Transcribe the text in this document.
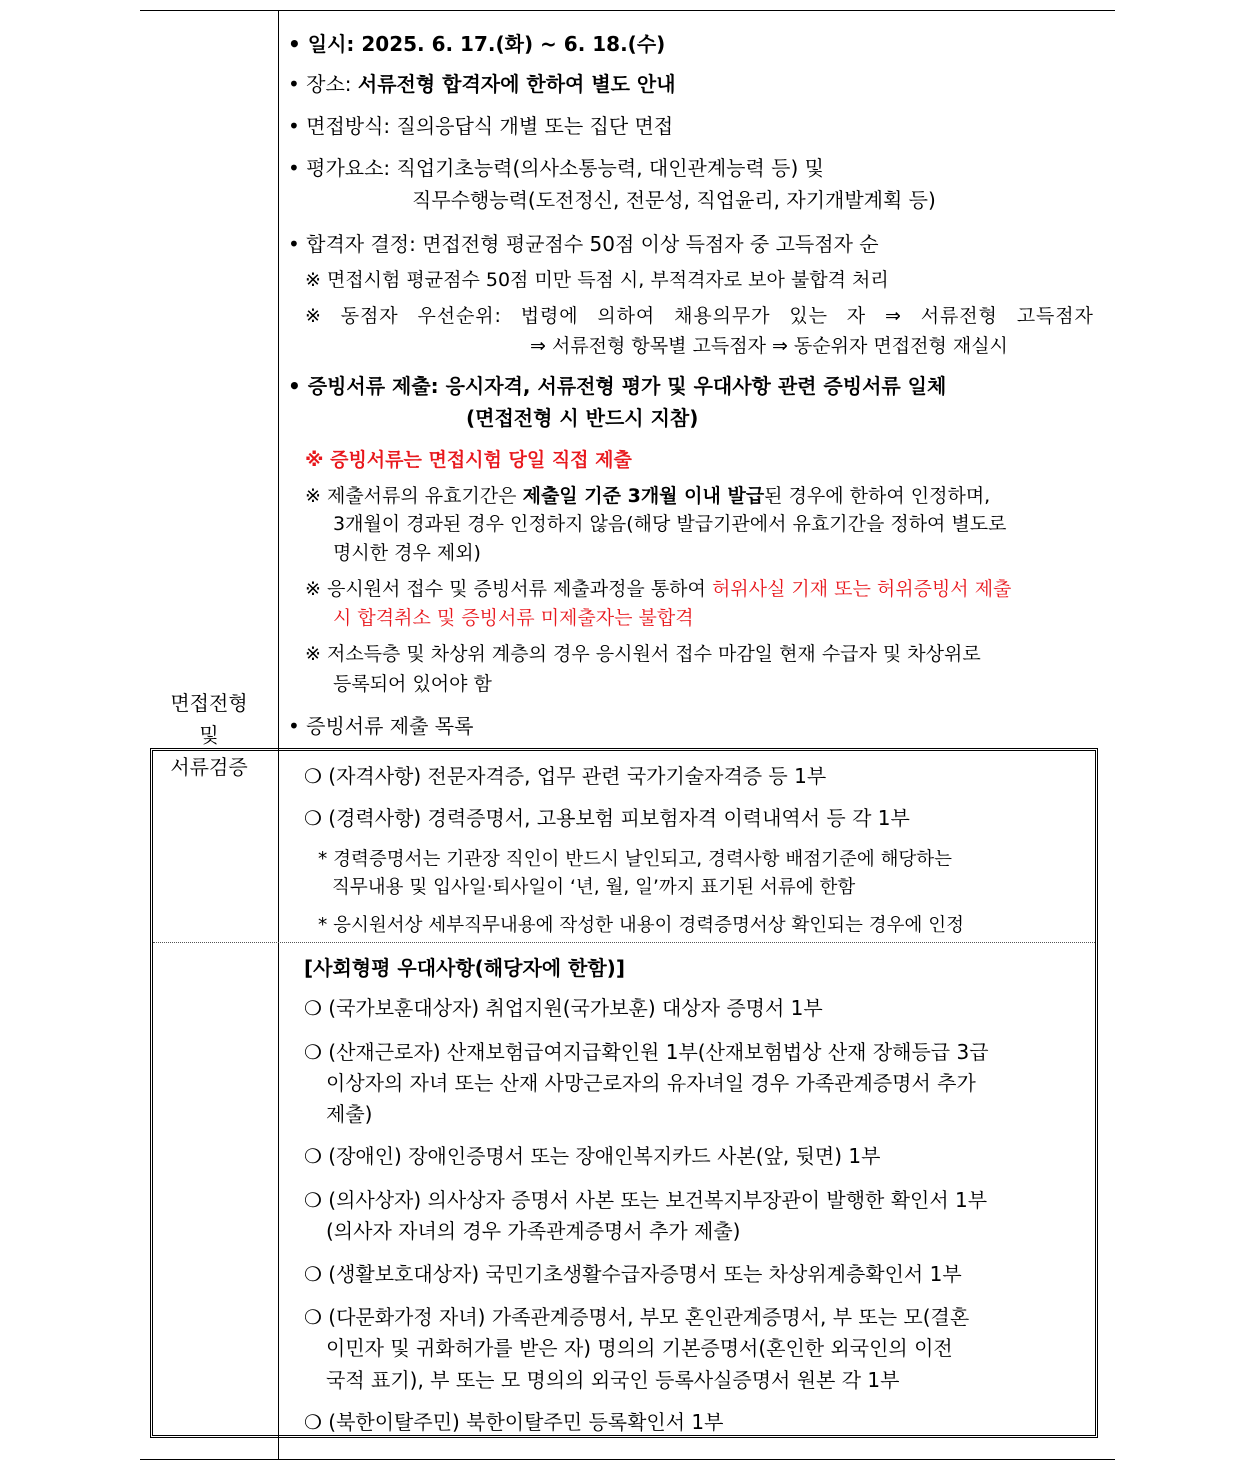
면접전형
및
서류검증
• 일시: 2025. 6. 17.(화) ~ 6. 18.(수)
• 장소: 서류전형 합격자에 한하여 별도 안내
• 면접방식: 질의응답식 개별 또는 집단 면접
• 평가요소: 직업기초능력(의사소통능력, 대인관계능력 등) 및
직무수행능력(도전정신, 전문성, 직업윤리, 자기개발계획 등)
• 합격자 결정: 면접전형 평균점수 50점 이상 득점자 중 고득점자 순
※ 면접시험 평균점수 50점 미만 득점 시, 부적격자로 보아 불합격 처리
※ 동점자 우선순위: 법령에 의하여 채용의무가 있는 자 ⇒ 서류전형 고득점자
⇒ 서류전형 항목별 고득점자 ⇒ 동순위자 면접전형 재실시
• 증빙서류 제출: 응시자격, 서류전형 평가 및 우대사항 관련 증빙서류 일체
(면접전형 시 반드시 지참)
※ 증빙서류는 면접시험 당일 직접 제출
※ 제출서류의 유효기간은 제출일 기준 3개월 이내 발급된 경우에 한하여 인정하며,
3개월이 경과된 경우 인정하지 않음(해당 발급기관에서 유효기간을 정하여 별도로
명시한 경우 제외)
※ 응시원서 접수 및 증빙서류 제출과정을 통하여 허위사실 기재 또는 허위증빙서 제출
시 합격취소 및 증빙서류 미제출자는 불합격
※ 저소득층 및 차상위 계층의 경우 응시원서 접수 마감일 현재 수급자 및 차상위로
등록되어 있어야 함
• 증빙서류 제출 목록
❍ (자격사항) 전문자격증, 업무 관련 국가기술자격증 등 1부
❍ (경력사항) 경력증명서, 고용보험 피보험자격 이력내역서 등 각 1부
* 경력증명서는 기관장 직인이 반드시 날인되고, 경력사항 배점기준에 해당하는
직무내용 및 입사일·퇴사일이 ‘년, 월, 일’까지 표기된 서류에 한함
* 응시원서상 세부직무내용에 작성한 내용이 경력증명서상 확인되는 경우에 인정
[사회형평 우대사항(해당자에 한함)]
❍ (국가보훈대상자) 취업지원(국가보훈) 대상자 증명서 1부
❍ (산재근로자) 산재보험급여지급확인원 1부(산재보험법상 산재 장해등급 3급
이상자의 자녀 또는 산재 사망근로자의 유자녀일 경우 가족관계증명서 추가
제출)
❍ (장애인) 장애인증명서 또는 장애인복지카드 사본(앞, 뒷면) 1부
❍ (의사상자) 의사상자 증명서 사본 또는 보건복지부장관이 발행한 확인서 1부
(의사자 자녀의 경우 가족관계증명서 추가 제출)
❍ (생활보호대상자) 국민기초생활수급자증명서 또는 차상위계층확인서 1부
❍ (다문화가정 자녀) 가족관계증명서, 부모 혼인관계증명서, 부 또는 모(결혼
이민자 및 귀화허가를 받은 자) 명의의 기본증명서(혼인한 외국인의 이전
국적 표기), 부 또는 모 명의의 외국인 등록사실증명서 원본 각 1부
❍ (북한이탈주민) 북한이탈주민 등록확인서 1부
